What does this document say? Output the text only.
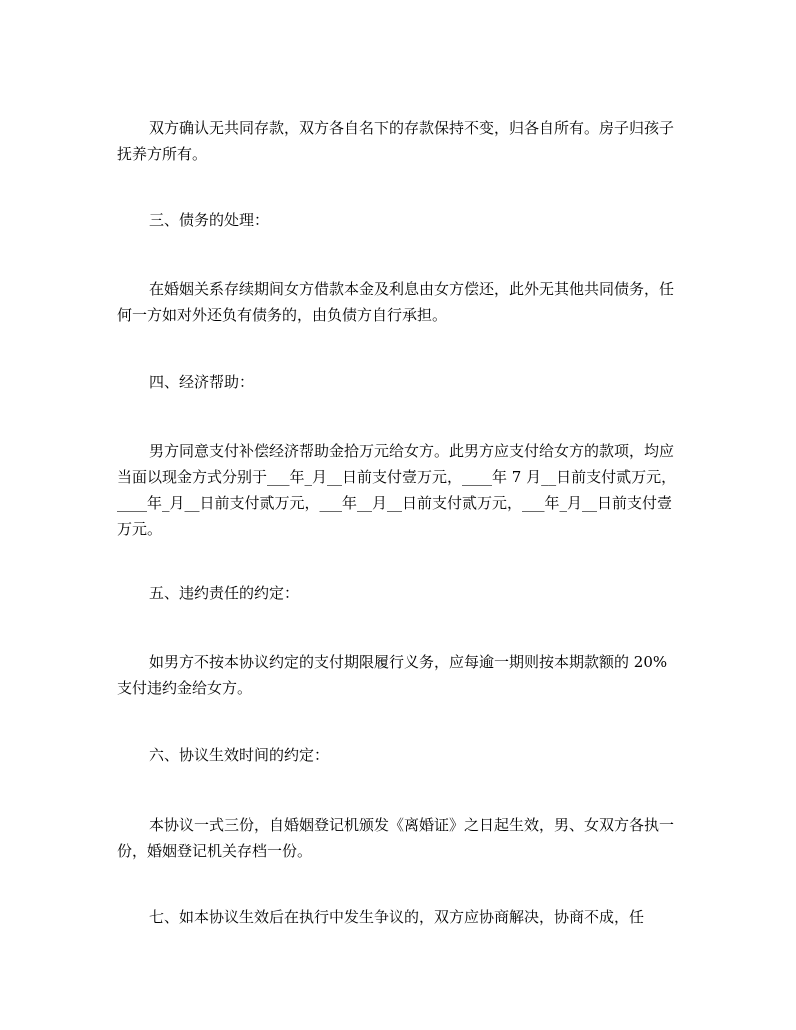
双方确认无共同存款，双方各自名下的存款保持不变，归各自所有。房子归孩子抚养方所有。

三、债务的处理：

在婚姻关系存续期间女方借款本金及利息由女方偿还，此外无其他共同债务，任何一方如对外还负有债务的，由负债方自行承担。

四、经济帮助：

男方同意支付补偿经济帮助金拾万元给女方。此男方应支付给女方的款项，均应当面以现金方式分别于___年_月__日前支付壹万元，____年 7 月__日前支付贰万元，____年_月__日前支付贰万元，___年__月__日前支付贰万元，___年_月__日前支付壹万元。

五、违约责任的约定：

如男方不按本协议约定的支付期限履行义务，应每逾一期则按本期款额的 20%支付违约金给女方。

六、协议生效时间的约定：

本协议一式三份，自婚姻登记机颁发《离婚证》之日起生效，男、女双方各执一份，婚姻登记机关存档一份。

七、如本协议生效后在执行中发生争议的，双方应协商解决，协商不成，任
